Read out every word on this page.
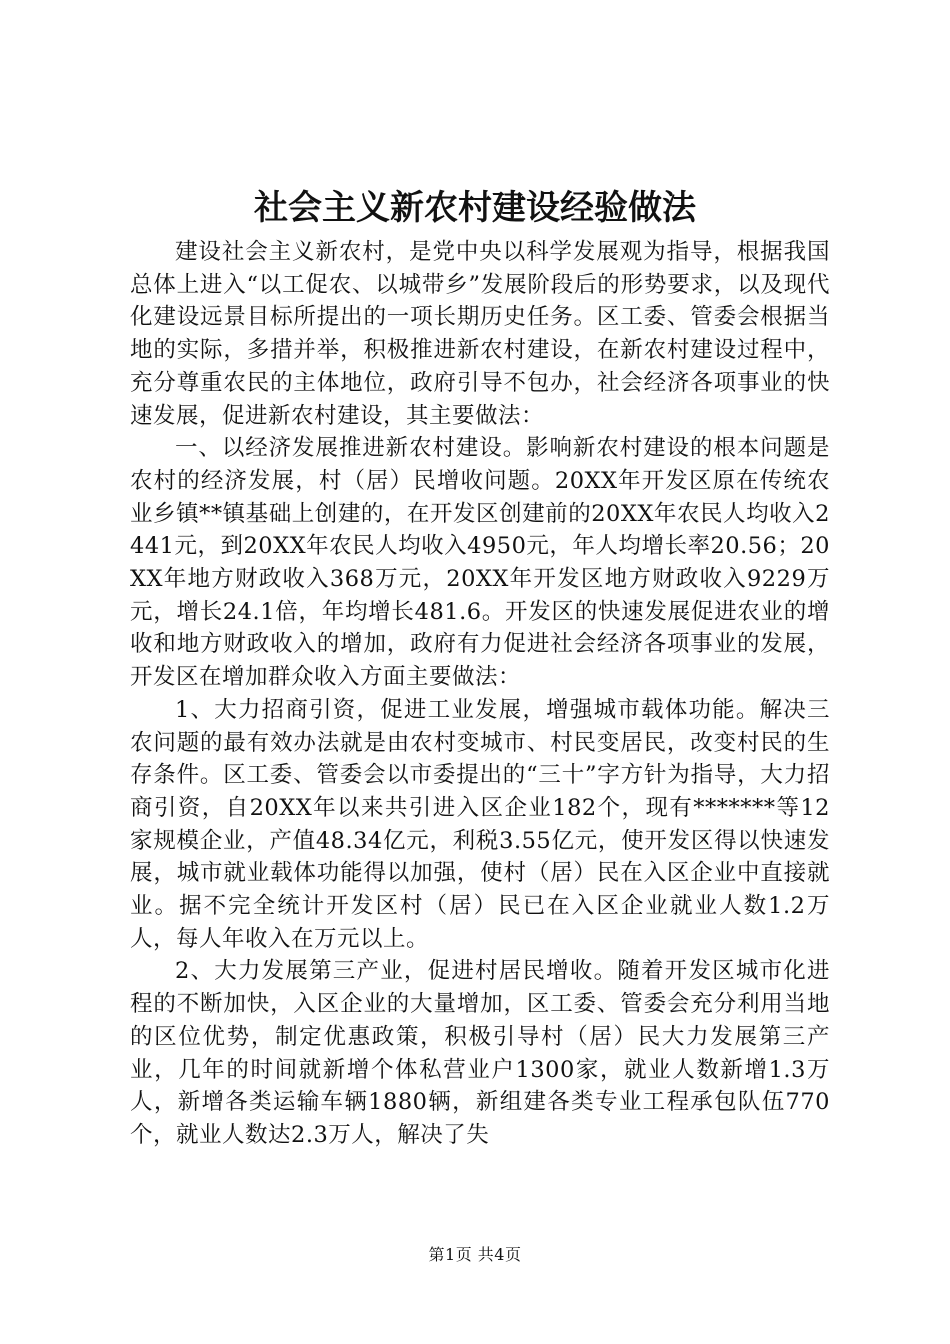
社会主义新农村建设经验做法

建设社会主义新农村，是党中央以科学发展观为指导，根据我国总体上进入“以工促农、以城带乡”发展阶段后的形势要求，以及现代化建设远景目标所提出的一项长期历史任务。区工委、管委会根据当地的实际，多措并举，积极推进新农村建设，在新农村建设过程中，充分尊重农民的主体地位，政府引导不包办，社会经济各项事业的快速发展，促进新农村建设，其主要做法：

一、以经济发展推进新农村建设。影响新农村建设的根本问题是农村的经济发展，村（居）民增收问题。20XX年开发区原在传统农业乡镇**镇基础上创建的，在开发区创建前的20XX年农民人均收入2441元，到20XX年农民人均收入4950元，年人均增长率20.56；20XX年地方财政收入368万元，20XX年开发区地方财政收入9229万元，增长24.1倍，年均增长481.6。开发区的快速发展促进农业的增收和地方财政收入的增加，政府有力促进社会经济各项事业的发展，开发区在增加群众收入方面主要做法：

1、大力招商引资，促进工业发展，增强城市载体功能。解决三农问题的最有效办法就是由农村变城市、村民变居民，改变村民的生存条件。区工委、管委会以市委提出的“三十”字方针为指导，大力招商引资，自20XX年以来共引进入区企业182个，现有*******等12家规模企业，产值48.34亿元，利税3.55亿元，使开发区得以快速发展，城市就业载体功能得以加强，使村（居）民在入区企业中直接就业。据不完全统计开发区村（居）民已在入区企业就业人数1.2万人，每人年收入在万元以上。

2、大力发展第三产业，促进村居民增收。随着开发区城市化进程的不断加快，入区企业的大量增加，区工委、管委会充分利用当地的区位优势，制定优惠政策，积极引导村（居）民大力发展第三产业，几年的时间就新增个体私营业户1300家，就业人数新增1.3万人，新增各类运输车辆1880辆，新组建各类专业工程承包队伍770个，就业人数达2.3万人，解决了失

第1页 共4页
